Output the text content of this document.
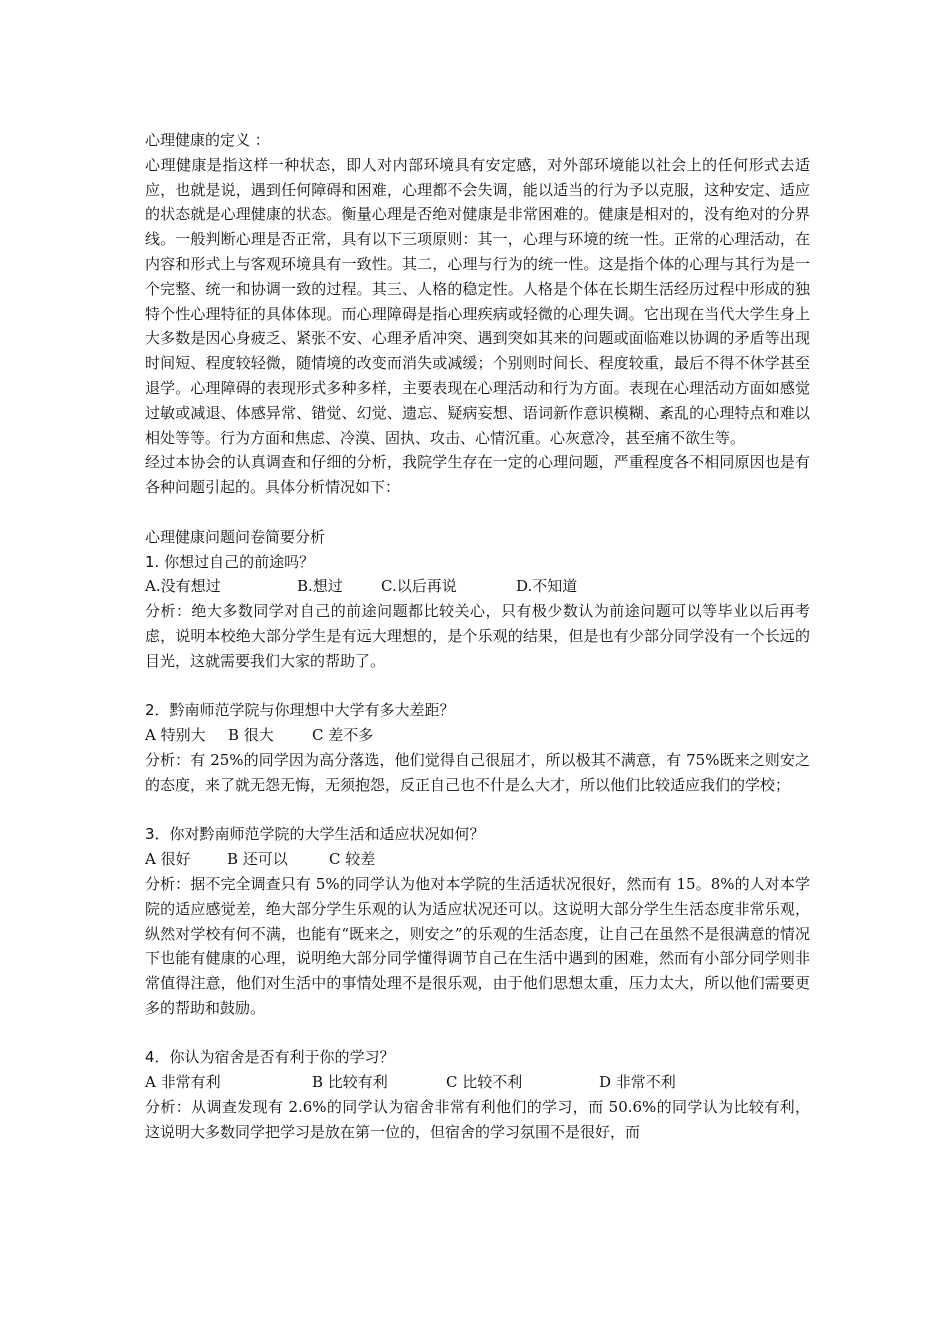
心理健康的定义 ：

心理健康是指这样一种状态，即人对内部环境具有安定感，对外部环境能以社会上的任何形式去适应，也就是说，遇到任何障碍和困难，心理都不会失调，能以适当的行为予以克服，这种安定、适应的状态就是心理健康的状态。衡量心理是否绝对健康是非常困难的。健康是相对的，没有绝对的分界线。一般判断心理是否正常，具有以下三项原则：其一，心理与环境的统一性。正常的心理活动，在内容和形式上与客观环境具有一致性。其二，心理与行为的统一性。这是指个体的心理与其行为是一个完整、统一和协调一致的过程。其三、人格的稳定性。人格是个体在长期生活经历过程中形成的独特个性心理特征的具体体现。而心理障碍是指心理疾病或轻微的心理失调。它出现在当代大学生身上大多数是因心身疲乏、紧张不安、心理矛盾冲突、遇到突如其来的问题或面临难以协调的矛盾等出现时间短、程度较轻微，随情境的改变而消失或减缓；个别则时间长、程度较重，最后不得不休学甚至退学。心理障碍的表现形式多种多样，主要表现在心理活动和行为方面。表现在心理活动方面如感觉过敏或减退、体感异常、错觉、幻觉、遗忘、疑病妄想、语词新作意识模糊、紊乱的心理特点和难以相处等等。行为方面和焦虑、冷漠、固执、攻击、心情沉重。心灰意冷，甚至痛不欲生等。

经过本协会的认真调查和仔细的分析，我院学生存在一定的心理问题，严重程度各不相同原因也是有各种问题引起的。具体分析情况如下：

心理健康问题问卷简要分析

1. 你想过自己的前途吗？

A.没有想过	B.想过	C.以后再说	D.不知道

分析：绝大多数同学对自己的前途问题都比较关心，只有极少数认为前途问题可以等毕业以后再考虑，说明本校绝大部分学生是有远大理想的，是个乐观的结果，但是也有少部分同学没有一个长远的目光，这就需要我们大家的帮助了。

2．黔南师范学院与你理想中大学有多大差距？

A 特别大	B 很大	C 差不多

分析：有 25%的同学因为高分落选，他们觉得自己很屈才，所以极其不满意，有 75%既来之则安之的态度，来了就无怨无悔，无须抱怨，反正自己也不什是么大才，所以他们比较适应我们的学校；

3．你对黔南师范学院的大学生活和适应状况如何？

A 很好	B 还可以	C 较差

分析：据不完全调查只有 5%的同学认为他对本学院的生活适状况很好，然而有 15。8%的人对本学院的适应感觉差，绝大部分学生乐观的认为适应状况还可以。这说明大部分学生生活态度非常乐观，纵然对学校有何不满，也能有“既来之，则安之”的乐观的生活态度，让自己在虽然不是很满意的情况下也能有健康的心理，说明绝大部分同学懂得调节自己在生活中遇到的困难，然而有小部分同学则非常值得注意，他们对生活中的事情处理不是很乐观，由于他们思想太重，压力太大，所以他们需要更多的帮助和鼓励。

4．你认为宿舍是否有利于你的学习？

A 非常有利	B 比较有利	C 比较不利	D 非常不利

分析：从调查发现有 2.6%的同学认为宿舍非常有利他们的学习，而 50.6%的同学认为比较有利，这说明大多数同学把学习是放在第一位的，但宿舍的学习氛围不是很好，而
